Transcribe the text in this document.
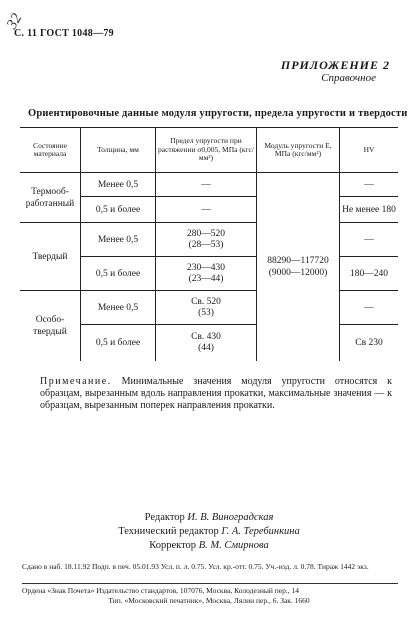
32
С. 11 ГОСТ 1048—79
ПРИЛОЖЕНИЕ 2
Справочное
Ориентировочные данные модуля упругости, предела упругости и твердости
Состояние материала	Толщина, мм	Предел упругости при растяжении σ0,005, МПа (кгс/мм²)	Модуль упругости E, МПа (кгс/мм²)	HV
Термооб-работанный	Менее 0,5	—	88290—117720
(9000—12000)	—
	0,5 и более	—		Не менее 180
Твердый	Менее 0,5	280—520
(28—53)		—
	0,5 и более	230—430
(23—44)		180—240
Особо-твердый	Менее 0,5	Св. 520
(53)		—
	0,5 и более	Св. 430
(44)		Св 230
Примечание. Минимальные значения модуля упругости относятся к образцам, вырезанным вдоль направления прокатки, максимальные значения — к образцам, вырезанным поперек направления прокатки.
Редактор И. В. Виноградская
Технический редактор Г. А. Теребинкина
Корректор В. М. Смирнова
Сдано в наб. 18.11.92 Подп. в печ. 05.01.93 Усл. п. л. 0.75. Усл. кр.-отт. 0.75. Уч.-изд. л. 0.78. Тираж 1442 экз.
Ордена «Знак Почета» Издательство стандартов, 107076, Москва, Колодезный пер., 14
Тип. «Московский печатник», Москва, Лялин пер., 6. Зак. 1660
